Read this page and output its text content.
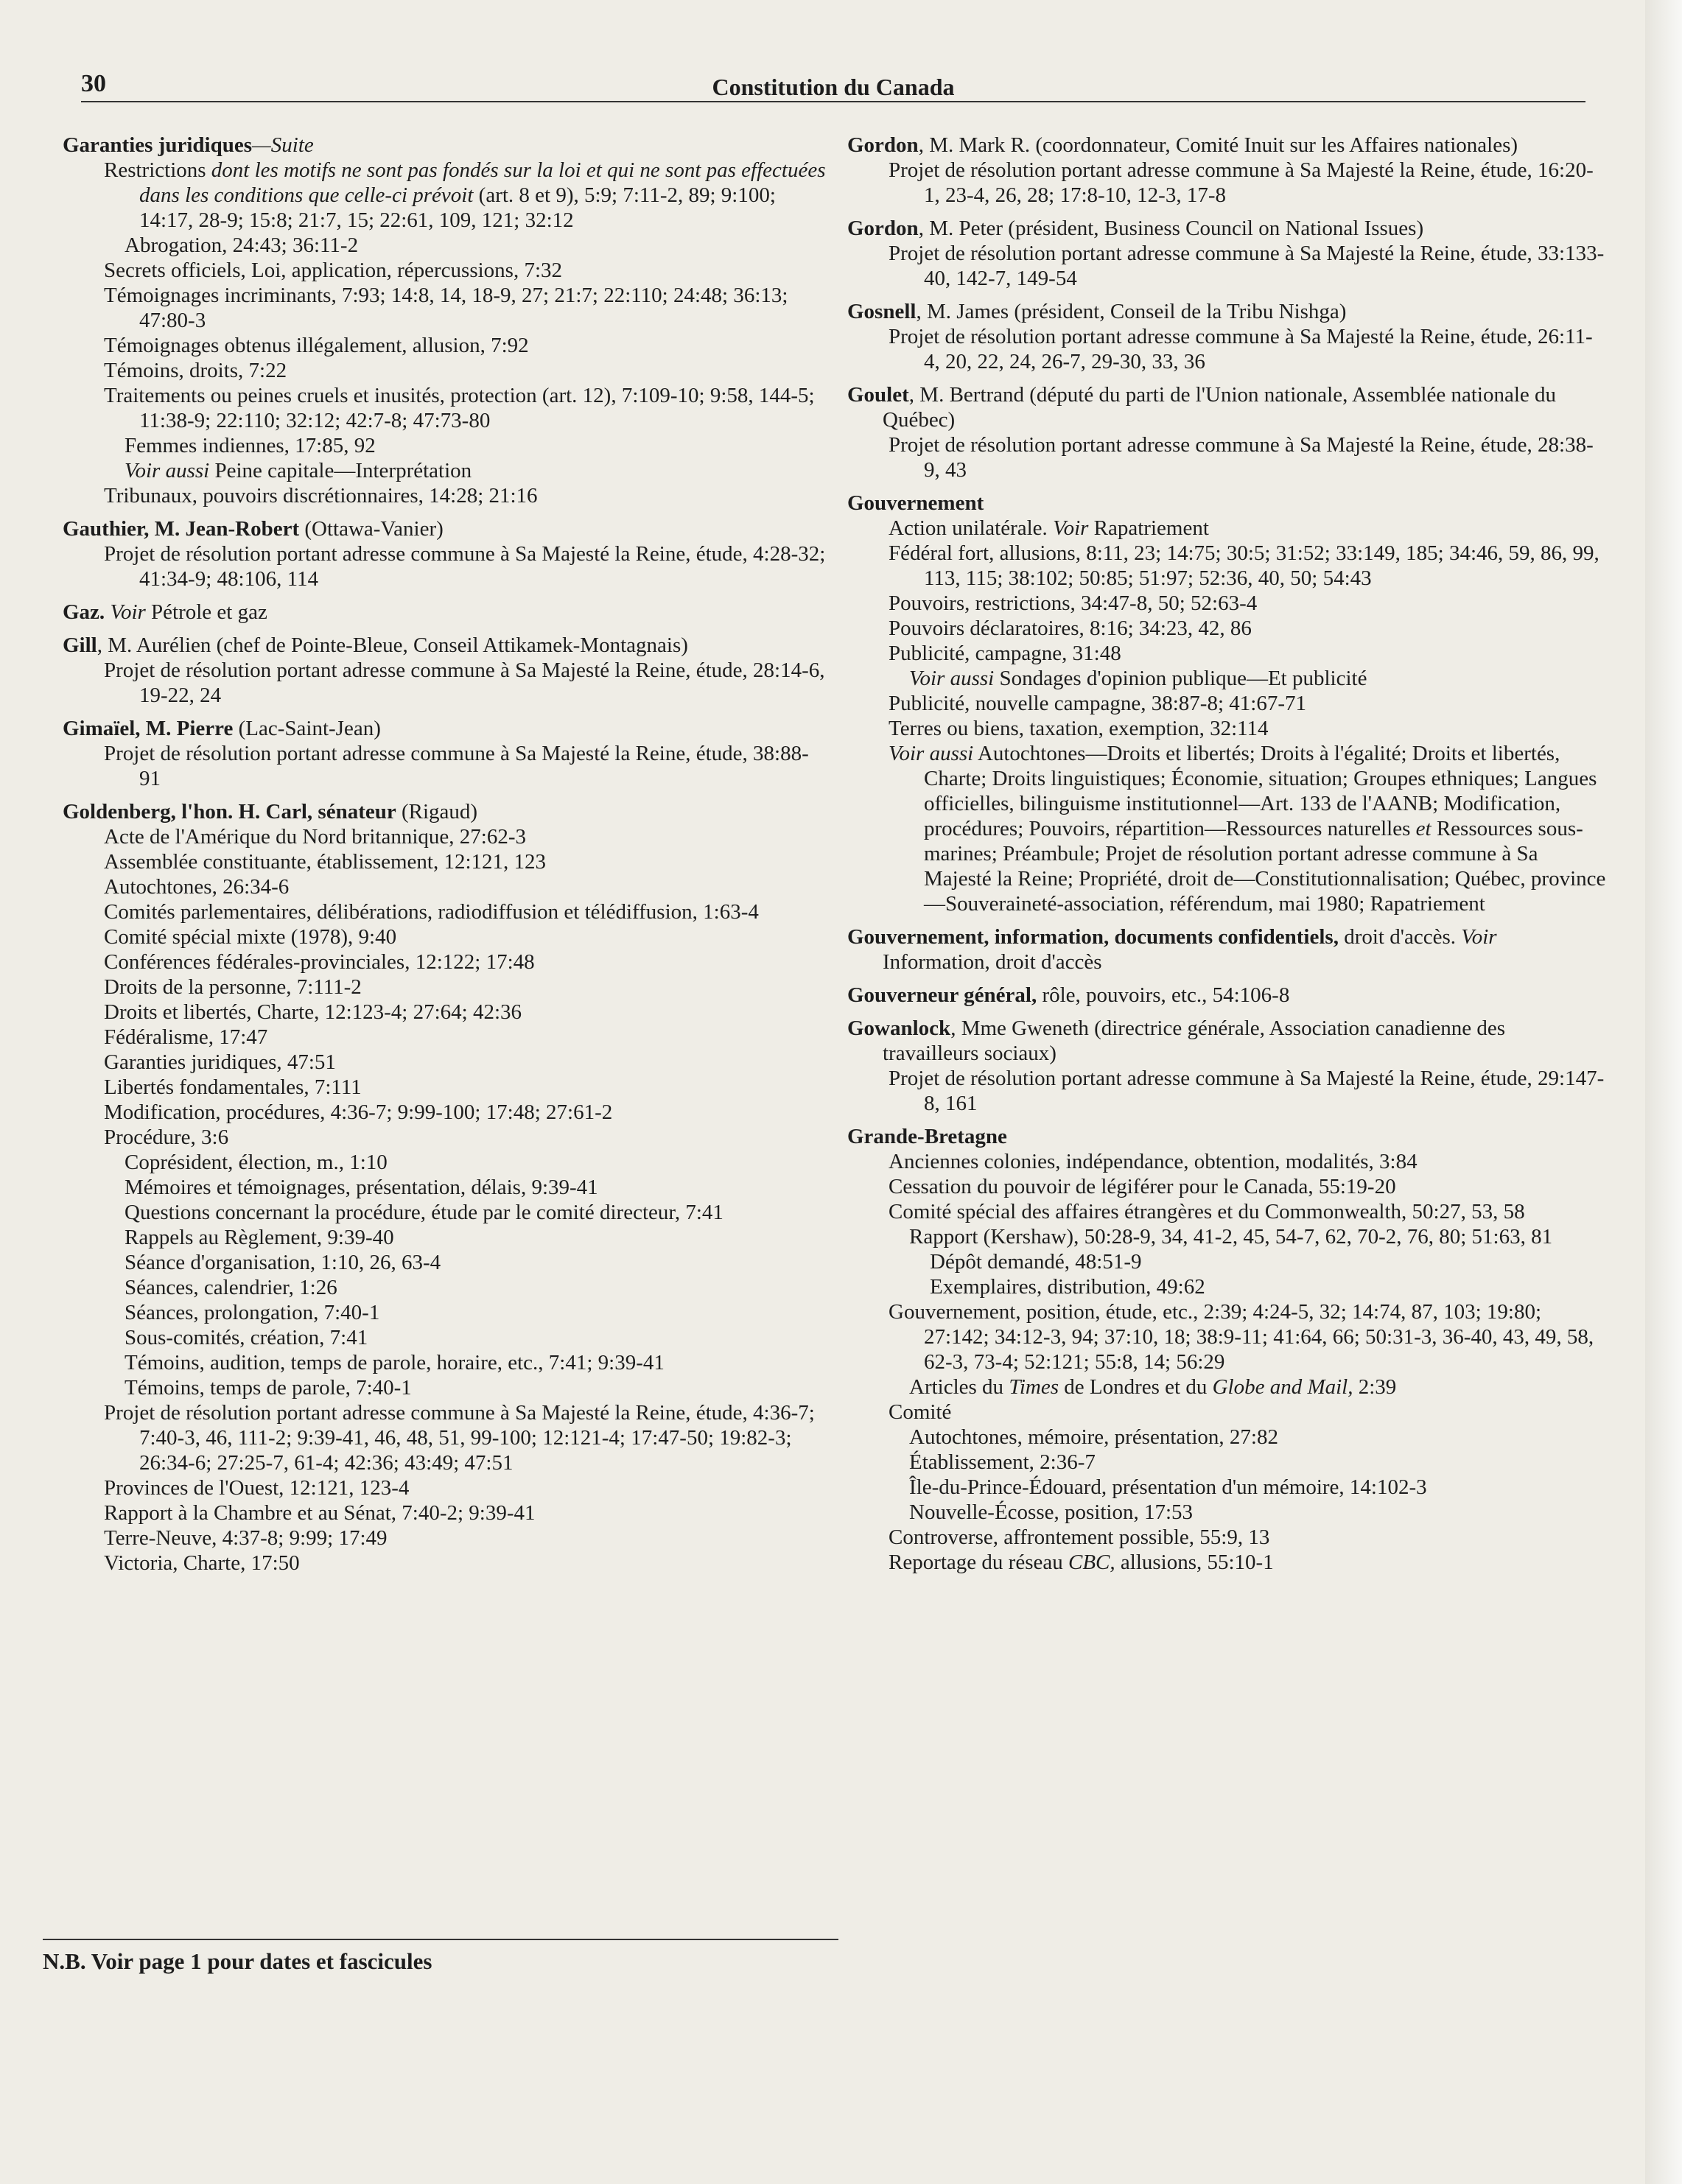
30	Constitution du Canada

Garanties juridiques—Suite

Restrictions dont les motifs ne sont pas fondés sur la loi et qui ne sont pas effectuées dans les conditions que celle-ci prévoit (art. 8 et 9), 5:9; 7:11-2, 89; 9:100; 14:17, 28-9; 15:8; 21:7, 15; 22:61, 109, 121; 32:12

Abrogation, 24:43; 36:11-2

Secrets officiels, Loi, application, répercussions, 7:32

Témoignages incriminants, 7:93; 14:8, 14, 18-9, 27; 21:7; 22:110; 24:48; 36:13; 47:80-3

Témoignages obtenus illégalement, allusion, 7:92

Témoins, droits, 7:22

Traitements ou peines cruels et inusités, protection (art. 12), 7:109-10; 9:58, 144-5; 11:38-9; 22:110; 32:12; 42:7-8; 47:73-80

Femmes indiennes, 17:85, 92

Voir aussi Peine capitale—Interprétation

Tribunaux, pouvoirs discrétionnaires, 14:28; 21:16

Gauthier, M. Jean-Robert (Ottawa-Vanier)

Projet de résolution portant adresse commune à Sa Majesté la Reine, étude, 4:28-32; 41:34-9; 48:106, 114

Gaz. Voir Pétrole et gaz

Gill, M. Aurélien (chef de Pointe-Bleue, Conseil Attikamek-Montagnais)

Projet de résolution portant adresse commune à Sa Majesté la Reine, étude, 28:14-6, 19-22, 24

Gimaïel, M. Pierre (Lac-Saint-Jean)

Projet de résolution portant adresse commune à Sa Majesté la Reine, étude, 38:88-91

Goldenberg, l'hon. H. Carl, sénateur (Rigaud)

Acte de l'Amérique du Nord britannique, 27:62-3

Assemblée constituante, établissement, 12:121, 123

Autochtones, 26:34-6

Comités parlementaires, délibérations, radiodiffusion et télédiffusion, 1:63-4

Comité spécial mixte (1978), 9:40

Conférences fédérales-provinciales, 12:122; 17:48

Droits de la personne, 7:111-2

Droits et libertés, Charte, 12:123-4; 27:64; 42:36

Fédéralisme, 17:47

Garanties juridiques, 47:51

Libertés fondamentales, 7:111

Modification, procédures, 4:36-7; 9:99-100; 17:48; 27:61-2

Procédure, 3:6

Coprésident, élection, m., 1:10

Mémoires et témoignages, présentation, délais, 9:39-41

Questions concernant la procédure, étude par le comité directeur, 7:41

Rappels au Règlement, 9:39-40

Séance d'organisation, 1:10, 26, 63-4

Séances, calendrier, 1:26

Séances, prolongation, 7:40-1

Sous-comités, création, 7:41

Témoins, audition, temps de parole, horaire, etc., 7:41; 9:39-41

Témoins, temps de parole, 7:40-1

Projet de résolution portant adresse commune à Sa Majesté la Reine, étude, 4:36-7; 7:40-3, 46, 111-2; 9:39-41, 46, 48, 51, 99-100; 12:121-4; 17:47-50; 19:82-3; 26:34-6; 27:25-7, 61-4; 42:36; 43:49; 47:51

Provinces de l'Ouest, 12:121, 123-4

Rapport à la Chambre et au Sénat, 7:40-2; 9:39-41

Terre-Neuve, 4:37-8; 9:99; 17:49

Victoria, Charte, 17:50

Gordon, M. Mark R. (coordonnateur, Comité Inuit sur les Affaires nationales)

Projet de résolution portant adresse commune à Sa Majesté la Reine, étude, 16:20-1, 23-4, 26, 28; 17:8-10, 12-3, 17-8

Gordon, M. Peter (président, Business Council on National Issues)

Projet de résolution portant adresse commune à Sa Majesté la Reine, étude, 33:133-40, 142-7, 149-54

Gosnell, M. James (président, Conseil de la Tribu Nishga)

Projet de résolution portant adresse commune à Sa Majesté la Reine, étude, 26:11-4, 20, 22, 24, 26-7, 29-30, 33, 36

Goulet, M. Bertrand (député du parti de l'Union nationale, Assemblée nationale du Québec)

Projet de résolution portant adresse commune à Sa Majesté la Reine, étude, 28:38-9, 43

Gouvernement

Action unilatérale. Voir Rapatriement

Fédéral fort, allusions, 8:11, 23; 14:75; 30:5; 31:52; 33:149, 185; 34:46, 59, 86, 99, 113, 115; 38:102; 50:85; 51:97; 52:36, 40, 50; 54:43

Pouvoirs, restrictions, 34:47-8, 50; 52:63-4

Pouvoirs déclaratoires, 8:16; 34:23, 42, 86

Publicité, campagne, 31:48

Voir aussi Sondages d'opinion publique—Et publicité

Publicité, nouvelle campagne, 38:87-8; 41:67-71

Terres ou biens, taxation, exemption, 32:114

Voir aussi Autochtones—Droits et libertés; Droits à l'égalité; Droits et libertés, Charte; Droits linguistiques; Économie, situation; Groupes ethniques; Langues officielles, bilinguisme institutionnel—Art. 133 de l'AANB; Modification, procédures; Pouvoirs, répartition—Ressources naturelles et Ressources sous-marines; Préambule; Projet de résolution portant adresse commune à Sa Majesté la Reine; Propriété, droit de—Constitutionnalisation; Québec, province—Souveraineté-association, référendum, mai 1980; Rapatriement

Gouvernement, information, documents confidentiels, droit d'accès. Voir Information, droit d'accès

Gouverneur général, rôle, pouvoirs, etc., 54:106-8

Gowanlock, Mme Gweneth (directrice générale, Association canadienne des travailleurs sociaux)

Projet de résolution portant adresse commune à Sa Majesté la Reine, étude, 29:147-8, 161

Grande-Bretagne

Anciennes colonies, indépendance, obtention, modalités, 3:84

Cessation du pouvoir de légiférer pour le Canada, 55:19-20

Comité spécial des affaires étrangères et du Commonwealth, 50:27, 53, 58

Rapport (Kershaw), 50:28-9, 34, 41-2, 45, 54-7, 62, 70-2, 76, 80; 51:63, 81

Dépôt demandé, 48:51-9

Exemplaires, distribution, 49:62

Gouvernement, position, étude, etc., 2:39; 4:24-5, 32; 14:74, 87, 103; 19:80; 27:142; 34:12-3, 94; 37:10, 18; 38:9-11; 41:64, 66; 50:31-3, 36-40, 43, 49, 58, 62-3, 73-4; 52:121; 55:8, 14; 56:29

Articles du Times de Londres et du Globe and Mail, 2:39

Comité

Autochtones, mémoire, présentation, 27:82

Établissement, 2:36-7

Île-du-Prince-Édouard, présentation d'un mémoire, 14:102-3

Nouvelle-Écosse, position, 17:53

Controverse, affrontement possible, 55:9, 13

Reportage du réseau CBC, allusions, 55:10-1

N.B. Voir page 1 pour dates et fascicules
